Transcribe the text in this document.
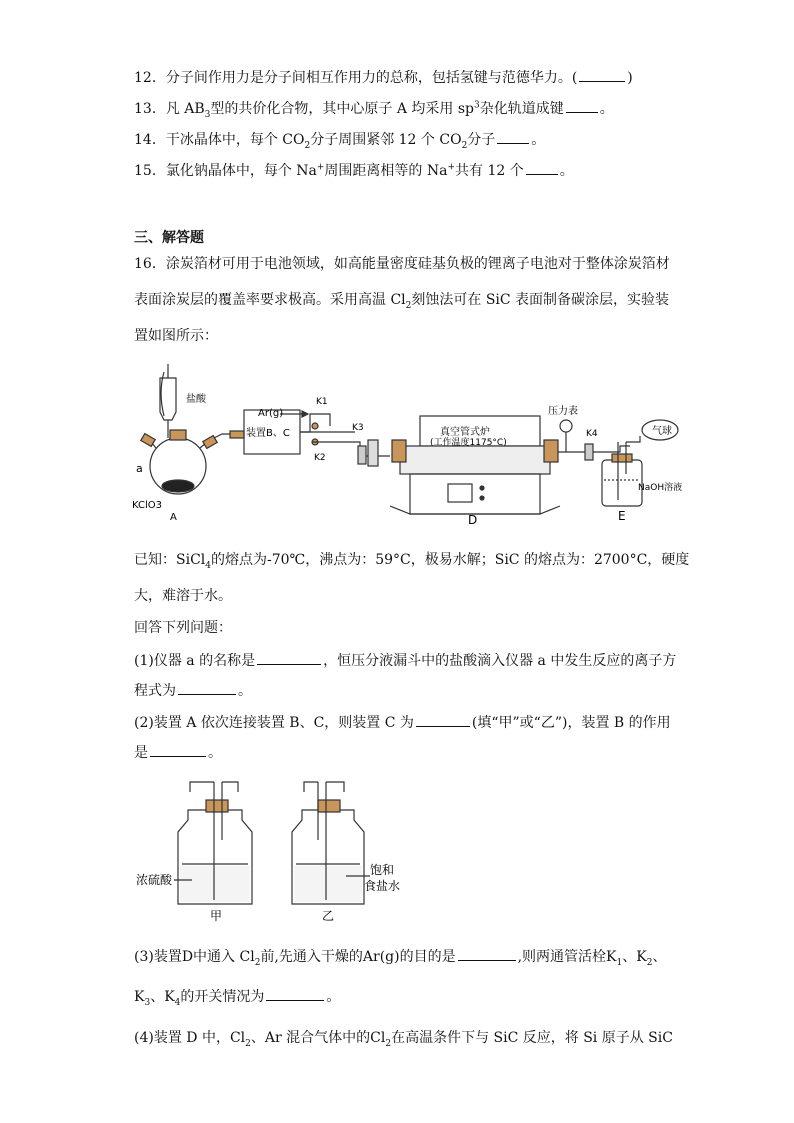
12．分子间作用力是分子间相互作用力的总称，包括氢键与范德华力。(	)
13．凡 $AB_3$型的共价化合物，其中心原子 A 均采用 $sp^3$杂化轨道成键	。
14．干冰晶体中，每个 $CO_2$分子周围紧邻 12 个 $CO_2$分子	。
15．氯化钠晶体中，每个 Na+周围距离相等的 Na+共有 12 个	。
三、解答题
16．涂炭箔材可用于电池领域，如高能量密度硅基负极的锂离子电池对于整体涂炭箔材
表面涂炭层的覆盖率要求极高。采用高温 $Cl_2$刻蚀法可在 SiC 表面制备碳涂层，实验装
置如图所示：
盐酸
a
KClO3
A
Ar(g)
装置B、C
K1
K2
K3	真空管式炉
(工作温度1175°C)
D
压力表
K4	气球
NaOH溶液
E
已知：SiCl$_4$的熔点为-70℃，沸点为：59°C，极易水解；SiC 的熔点为：2700°C，硬度
大，难溶于水。
回答下列问题：
(1)仪器 a 的名称是	，恒压分液漏斗中的盐酸滴入仪器 a 中发生反应的离子方
程式为	。
(2)装置 A 依次连接装置 B、C，则装置 C 为	(填“甲”或“乙”)，装置 B 的作用
是	。
浓硫酸
饱和
食盐水
甲	乙
(3)装置D中通入 $Cl_2$前,先通入干燥的Ar(g)的目的是	,则两通管活栓$K_1$、$K_2$、
$K_3$、$K_4$的开关情况为	。
(4)装置 D 中，$Cl_2$、Ar 混合气体中的$Cl_2$在高温条件下与 SiC 反应，将 Si 原子从 SiC
